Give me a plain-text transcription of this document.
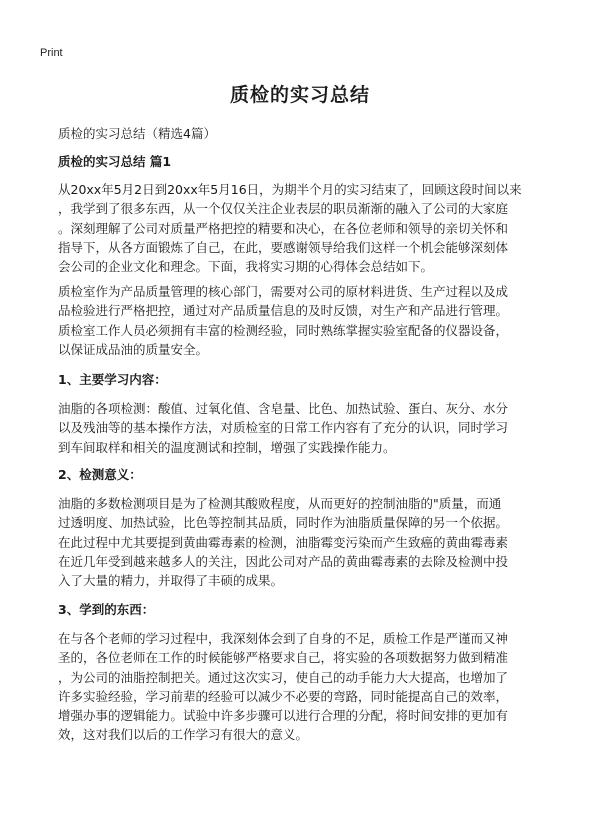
Print
质检的实习总结
质检的实习总结（精选4篇）
质检的实习总结 篇1
从20xx年5月2日到20xx年5月16日，为期半个月的实习结束了，回顾这段时间以来
，我学到了很多东西，从一个仅仅关注企业表层的职员渐渐的融入了公司的大家庭
。深刻理解了公司对质量严格把控的精要和决心，在各位老师和领导的亲切关怀和
指导下，从各方面锻炼了自己，在此，要感谢领导给我们这样一个机会能够深刻体
会公司的企业文化和理念。下面，我将实习期的心得体会总结如下。
质检室作为产品质量管理的核心部门，需要对公司的原材料进货、生产过程以及成
品检验进行严格把控，通过对产品质量信息的及时反馈，对生产和产品进行管理。
质检室工作人员必须拥有丰富的检测经验，同时熟练掌握实验室配备的仪器设备，
以保证成品油的质量安全。
1、主要学习内容：
油脂的各项检测：酸值、过氧化值、含皂量、比色、加热试验、蛋白、灰分、水分
以及残油等的基本操作方法，对质检室的日常工作内容有了充分的认识，同时学习
到车间取样和相关的温度测试和控制，增强了实践操作能力。
2、检测意义：
油脂的多数检测项目是为了检测其酸败程度，从而更好的控制油脂的"质量，而通
过透明度、加热试验，比色等控制其品质，同时作为油脂质量保障的另一个依据。
在此过程中尤其要提到黄曲霉毒素的检测，油脂霉变污染而产生致癌的黄曲霉毒素
在近几年受到越来越多人的关注，因此公司对产品的黄曲霉毒素的去除及检测中投
入了大量的精力，并取得了丰硕的成果。
3、学到的东西：
在与各个老师的学习过程中，我深刻体会到了自身的不足，质检工作是严谨而又神
圣的，各位老师在工作的时候能够严格要求自己，将实验的各项数据努力做到精准
，为公司的油脂控制把关。通过这次实习，使自己的动手能力大大提高，也增加了
许多实验经验，学习前辈的经验可以减少不必要的弯路，同时能提高自己的效率，
增强办事的逻辑能力。试验中许多步骤可以进行合理的分配，将时间安排的更加有
效，这对我们以后的工作学习有很大的意义。
